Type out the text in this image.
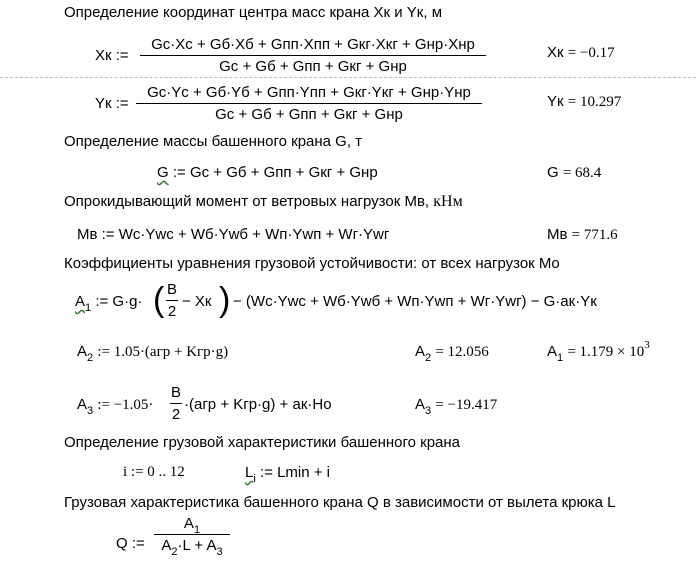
Определение координат центра масс крана Xк и Yк, м
Xк :=
Gc·Xc + Gб·Xб + Gпп·Xпп + Gкг·Xкг + Gнр·Xнр
Gc + Gб + Gпп + Gкг + Gнр
Xк = −0.17
Yк :=
Gc·Yc + Gб·Yб + Gпп·Yпп + Gкг·Yкг + Gнр·Yнр
Gc + Gб + Gпп + Gкг + Gнр
Yк = 10.297
Определение массы башенного крана G, т
G := Gc + Gб + Gпп + Gкг + Gнр	G = 68.4
Опрокидывающий момент от ветровых нагрузок Mв, кНм
Mв := Wc·Ywc + Wб·Ywб + Wп·Ywп + Wг·Ywг	Mв = 771.6
Коэффициенты уравнения грузовой устойчивости: от всех нагрузок Mo
$A_1$ := G·g· ( B
2
− Xк ) − (Wc·Ywc + Wб·Ywб + Wп·Ywп + Wг·Ywг) − G·aк·Yк
$A_2$ := 1.05·(aгр + Kгр·g)	$A_2 = 12.056$	$A_1 = 1.179 \times 10^3$
$A_3$ := −1.05·
B
2
·(aгр + Kгр·g) + aк·Ho	$A_3 = -19.417$
Определение грузовой характеристики башенного крана
i := 0 .. 12	$L_i$ := Lmin + i
Грузовая характеристика башенного крана Q в зависимости от вылета крюка L
Q :=
$A_1$
$A_2\cdot L + A_3$
